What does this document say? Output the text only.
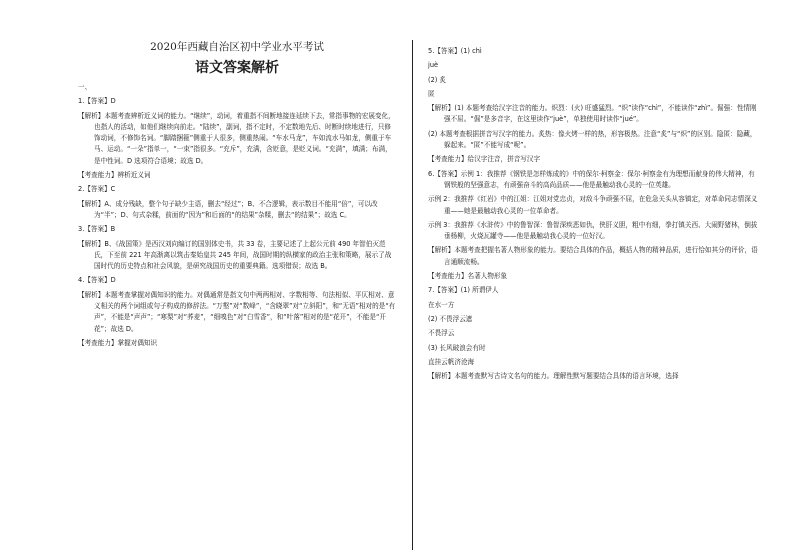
2020年西藏自治区初中学业水平考试
语文答案解析
一、
1.【答案】D
【解析】本题考查辨析近义词的能力。“继续”，动词，着重指不间断地接连延续下去，常指事物的宏展变化，也指人的活动，如他们继续向前走。“陆续”，副词，指不定时，不定数地先后、时断时续地进行，只修饰动词，不修饰名词。“脚踏捆箍”侧重于人很多，侧重热闹。“车水马龙”，车如流水马如龙，侧重于车马、运动。“一朵”指单一，“一束”指很多。“充斥”，充满，含贬意，是贬义词。“充满”，填满；布满，是中性词。D 选项符合语境；故选 D。
【考查能力】辨析近义词
2.【答案】C
【解析】A、成分残缺，整个句子缺少主语，删去“经过”；B、不合逻辑，表示数目不能用“倍”，可以改为“半”；D、句式杂糅，前面的“因为”和后面的“的结果”杂糅，删去“的结果”；故选 C。
3.【答案】B
【解析】B、《战国策》是西汉刘向编订的国别体史书，共 33 卷，主要记述了上起公元前 490 年智伯灭范氏，下至前 221 年高渐离以筑击秦始皇共 245 年间，战国时期的纵横家的政治主张和策略，展示了战国时代的历史特点和社会风貌，是研究战国历史的重要典籍。选项错误；故选 B。
4.【答案】D
【解析】本题考查掌握对偶知识的能力。对偶通常是指文句中两两相对、字数相等、句法相似、平仄相对、意义相关的两个词组或句子构成的修辞法。“万壑”对“数峰”，“含晓翠”对“立斜阳”，和“无语”相对的是“有声”，不能是“声声”；“寒梨”对“荞麦”，“细嗅色”对“白雪香”，和“叶落”相对的是“花开”，不能是“开花”；故选 D。
【考查能力】掌握对偶知识
5.【答案】(1) chì
juè
(2) 炙
匿
【解析】(1) 本题考查给汉字注音的能力。炽烈：(火) 旺盛猛烈。“炽”读作“chì”，不能读作“zhì”。倔强：性情刚强不屈。“倔”是多音字，在这里读作“juè”，单独使用时读作“jué”。
(2) 本题考查根据拼音写汉字的能力。炙热：像火烤一样的热，形容极热。注意“炙”与“炽”的区别。隐匿：隐藏，躲起来。“匿”不能写成“呢”。
【考查能力】给汉字注音，拼音写汉字
6.【答案】示例 1：我推荐《钢铁是怎样炼成的》中的保尔·柯察金：保尔·柯察金有为理想而献身的伟大精神，有钢铁般的坚强意志，有顽强奋斗的高尚品质——他是最触动我心灵的一位英雄。
示例 2：我推荐《红岩》中的江姐：江姐对党忠贞，对敌斗争顽强不屈，在危急关头从容镇定，对革命同志情深义重——她是最触动我心灵的一位革命者。
示例 3：我推荐《水浒传》中的鲁智深：鲁智深疾恶如仇，侠肝义胆，粗中有细，拳打镇关西、大闹野猪林，倒拔垂杨柳，火烧瓦罐寺——他是最触动我心灵的一位好汉。
【解析】本题考查把握名著人物形象的能力。要结合具体的作品，概括人物的精神品质，进行恰如其分的评价，语言通顺流畅。
【考查能力】名著人物形象
7.【答案】(1) 所谓伊人
在水一方
(2) 不畏浮云遮
不畏浮云
(3) 长风破浪会有时
直挂云帆济沧海
【解析】本题考查默写古诗文名句的能力。理解性默写题要结合具体的语言环境，选择
